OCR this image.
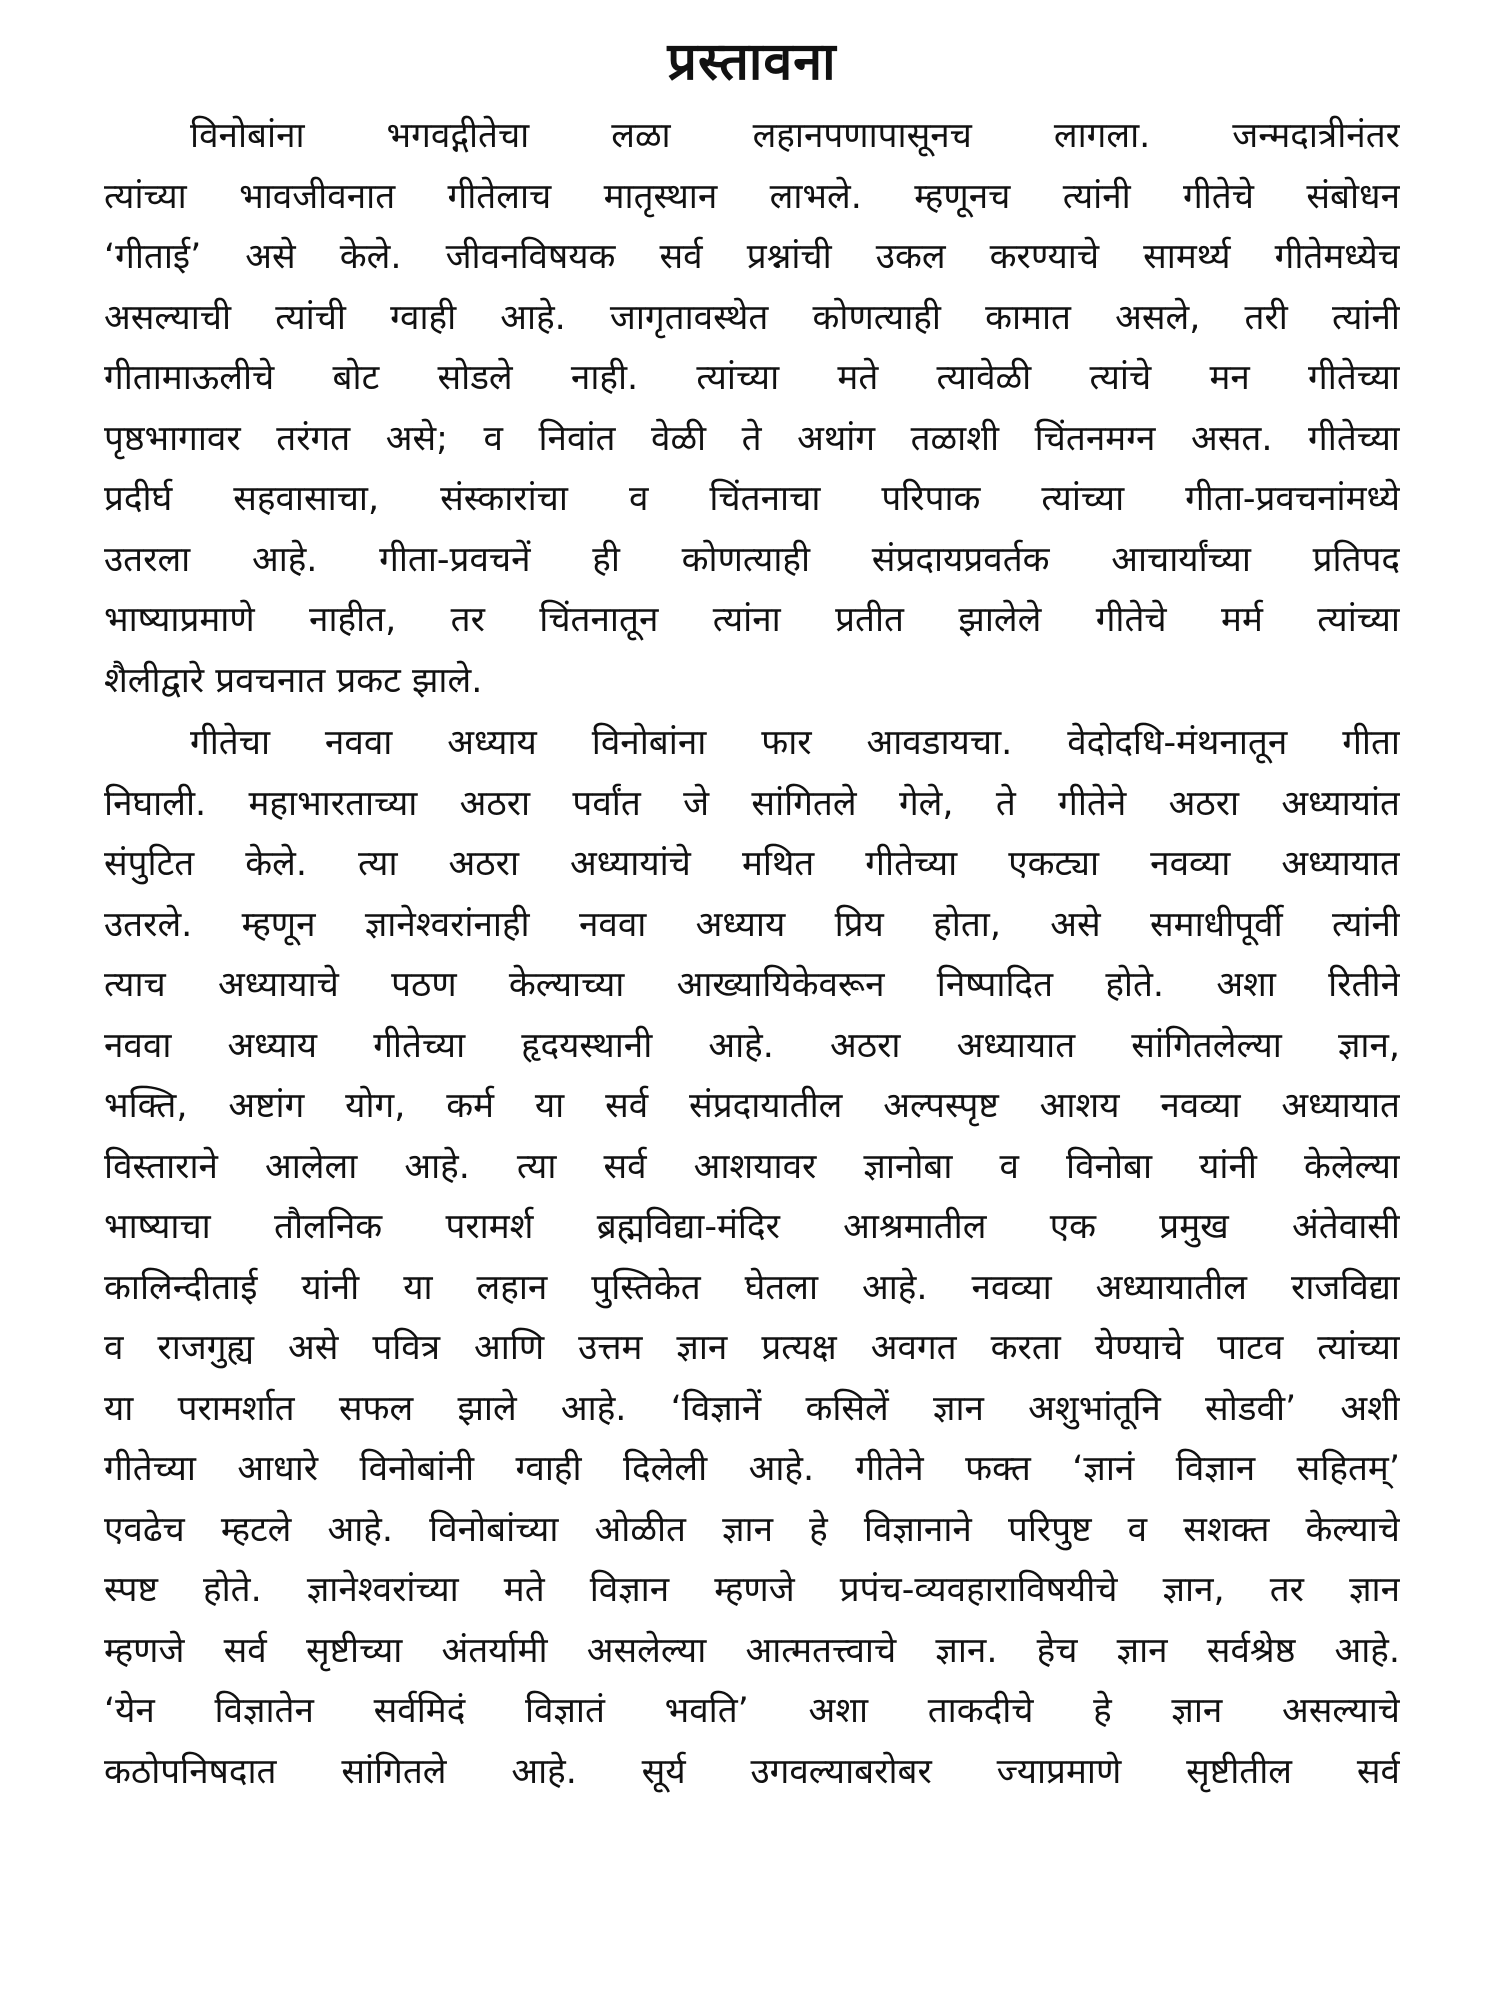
प्रस्तावना

विनोबांना भगवद्गीतेचा लळा लहानपणापासूनच लागला. जन्मदात्रीनंतर
त्यांच्या भावजीवनात गीतेलाच मातृस्थान लाभले. म्हणूनच त्यांनी गीतेचे संबोधन
‘गीताई’ असे केले. जीवनविषयक सर्व प्रश्नांची उकल करण्याचे सामर्थ्य गीतेमध्येच
असल्याची त्यांची ग्वाही आहे. जागृतावस्थेत कोणत्याही कामात असले, तरी त्यांनी
गीतामाऊलीचे बोट सोडले नाही. त्यांच्या मते त्यावेळी त्यांचे मन गीतेच्या
पृष्ठभागावर तरंगत असे; व निवांत वेळी ते अथांग तळाशी चिंतनमग्न असत. गीतेच्या
प्रदीर्घ सहवासाचा, संस्कारांचा व चिंतनाचा परिपाक त्यांच्या गीता-प्रवचनांमध्ये
उतरला आहे. गीता-प्रवचनें ही कोणत्याही संप्रदायप्रवर्तक आचार्यांच्या प्रतिपद
भाष्याप्रमाणे नाहीत, तर चिंतनातून त्यांना प्रतीत झालेले गीतेचे मर्म त्यांच्या
शैलीद्वारे प्रवचनात प्रकट झाले.

गीतेचा नववा अध्याय विनोबांना फार आवडायचा. वेदोदधि-मंथनातून गीता
निघाली. महाभारताच्या अठरा पर्वांत जे सांगितले गेले, ते गीतेने अठरा अध्यायांत
संपुटित केले. त्या अठरा अध्यायांचे मथित गीतेच्या एकट्या नवव्या अध्यायात
उतरले. म्हणून ज्ञानेश्वरांनाही नववा अध्याय प्रिय होता, असे समाधीपूर्वी त्यांनी
त्याच अध्यायाचे पठण केल्याच्या आख्यायिकेवरून निष्पादित होते. अशा रितीने
नववा अध्याय गीतेच्या हृदयस्थानी आहे. अठरा अध्यायात सांगितलेल्या ज्ञान,
भक्ति, अष्टांग योग, कर्म या सर्व संप्रदायातील अल्पस्पृष्ट आशय नवव्या अध्यायात
विस्ताराने आलेला आहे. त्या सर्व आशयावर ज्ञानोबा व विनोबा यांनी केलेल्या
भाष्याचा तौलनिक परामर्श ब्रह्मविद्या-मंदिर आश्रमातील एक प्रमुख अंतेवासी
कालिन्दीताई यांनी या लहान पुस्तिकेत घेतला आहे. नवव्या अध्यायातील राजविद्या
व राजगुह्य असे पवित्र आणि उत्तम ज्ञान प्रत्यक्ष अवगत करता येण्याचे पाटव त्यांच्या
या परामर्शात सफल झाले आहे. ‘विज्ञानें कसिलें ज्ञान अशुभांतूनि सोडवी’ अशी
गीतेच्या आधारे विनोबांनी ग्वाही दिलेली आहे. गीतेने फक्त ‘ज्ञानं विज्ञान सहितम्’
एवढेच म्हटले आहे. विनोबांच्या ओळीत ज्ञान हे विज्ञानाने परिपुष्ट व सशक्त केल्याचे
स्पष्ट होते. ज्ञानेश्वरांच्या मते विज्ञान म्हणजे प्रपंच-व्यवहाराविषयीचे ज्ञान, तर ज्ञान
म्हणजे सर्व सृष्टीच्या अंतर्यामी असलेल्या आत्मतत्त्वाचे ज्ञान. हेच ज्ञान सर्वश्रेष्ठ आहे.
‘येन विज्ञातेन सर्वमिदं विज्ञातं भवति’ अशा ताकदीचे हे ज्ञान असल्याचे
कठोपनिषदात सांगितले आहे. सूर्य उगवल्याबरोबर ज्याप्रमाणे सृष्टीतील सर्व
